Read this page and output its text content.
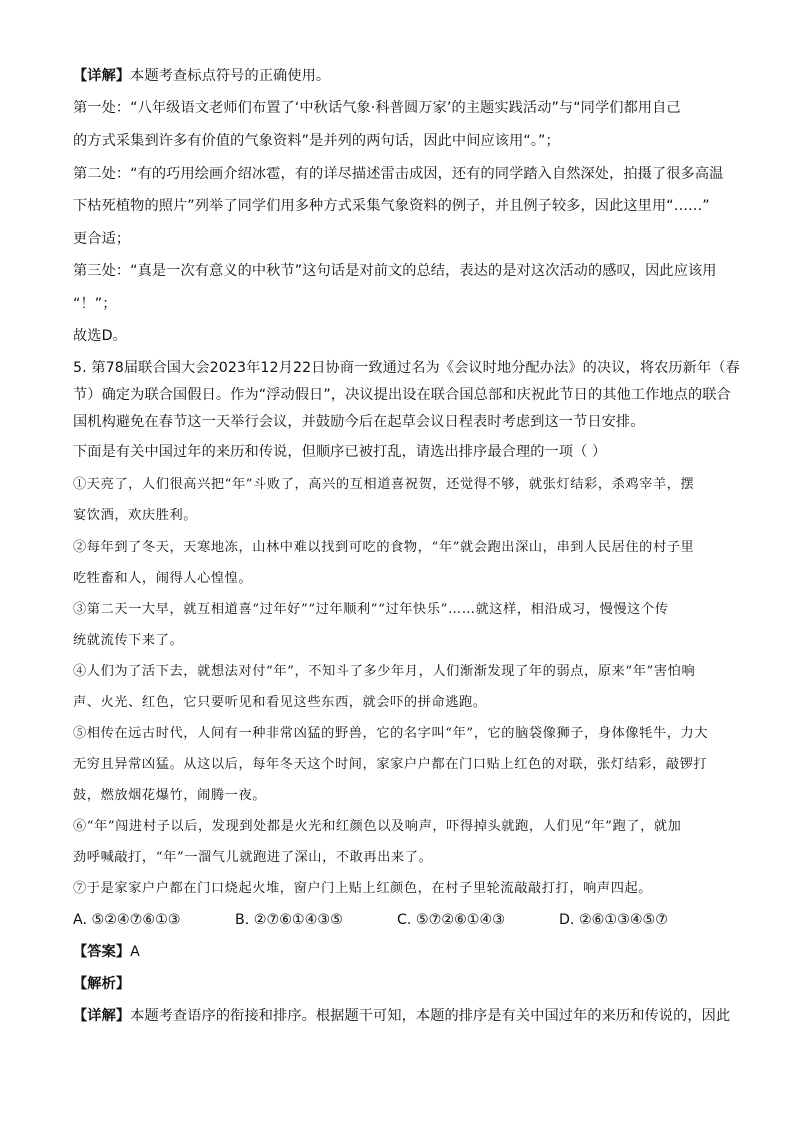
【详解】本题考查标点符号的正确使用。
第一处：“八年级语文老师们布置了‘中秋话气象·科普圆万家’的主题实践活动”与“同学们都用自己
的方式采集到许多有价值的气象资料”是并列的两句话，因此中间应该用“。”；
第二处：“有的巧用绘画介绍冰雹，有的详尽描述雷击成因，还有的同学踏入自然深处，拍摄了很多高温
下枯死植物的照片”列举了同学们用多种方式采集气象资料的例子，并且例子较多，因此这里用“……”
更合适；
第三处：“真是一次有意义的中秋节”这句话是对前文的总结，表达的是对这次活动的感叹，因此应该用
“！”；
故选D。
5. 第78届联合国大会2023年12月22日协商一致通过名为《会议时地分配办法》的决议，将农历新年（春
节）确定为联合国假日。作为“浮动假日”，决议提出设在联合国总部和庆祝此节日的其他工作地点的联合
国机构避免在春节这一天举行会议，并鼓励今后在起草会议日程表时考虑到这一节日安排。
下面是有关中国过年的来历和传说，但顺序已被打乱，请选出排序最合理的一项（ ）
①天亮了，人们很高兴把“年”斗败了，高兴的互相道喜祝贺，还觉得不够，就张灯结彩，杀鸡宰羊，摆
宴饮酒，欢庆胜利。
②每年到了冬天，天寒地冻，山林中难以找到可吃的食物，“年”就会跑出深山，串到人民居住的村子里
吃牲畜和人，闹得人心惶惶。
③第二天一大早，就互相道喜“过年好”“过年顺利”“过年快乐”……就这样，相沿成习，慢慢这个传
统就流传下来了。
④人们为了活下去，就想法对付“年”，不知斗了多少年月，人们渐渐发现了年的弱点，原来“年”害怕响
声、火光、红色，它只要听见和看见这些东西，就会吓的拼命逃跑。
⑤相传在远古时代，人间有一种非常凶猛的野兽，它的名字叫“年”，它的脑袋像狮子，身体像牦牛，力大
无穷且异常凶猛。从这以后，每年冬天这个时间，家家户户都在门口贴上红色的对联，张灯结彩，敲锣打
鼓，燃放烟花爆竹，闹腾一夜。
⑥“年”闯进村子以后，发现到处都是火光和红颜色以及响声，吓得掉头就跑，人们见“年”跑了，就加
劲呼喊敲打，“年”一溜气儿就跑进了深山，不敢再出来了。
⑦于是家家户户都在门口烧起火堆，窗户门上贴上红颜色，在村子里轮流敲敲打打，响声四起。
A. ⑤②④⑦⑥①③	B. ②⑦⑥①④③⑤	C. ⑤⑦②⑥①④③	D. ②⑥①③④⑤⑦
【答案】A
【解析】
【详解】本题考查语序的衔接和排序。根据题干可知，本题的排序是有关中国过年的来历和传说的，因此
